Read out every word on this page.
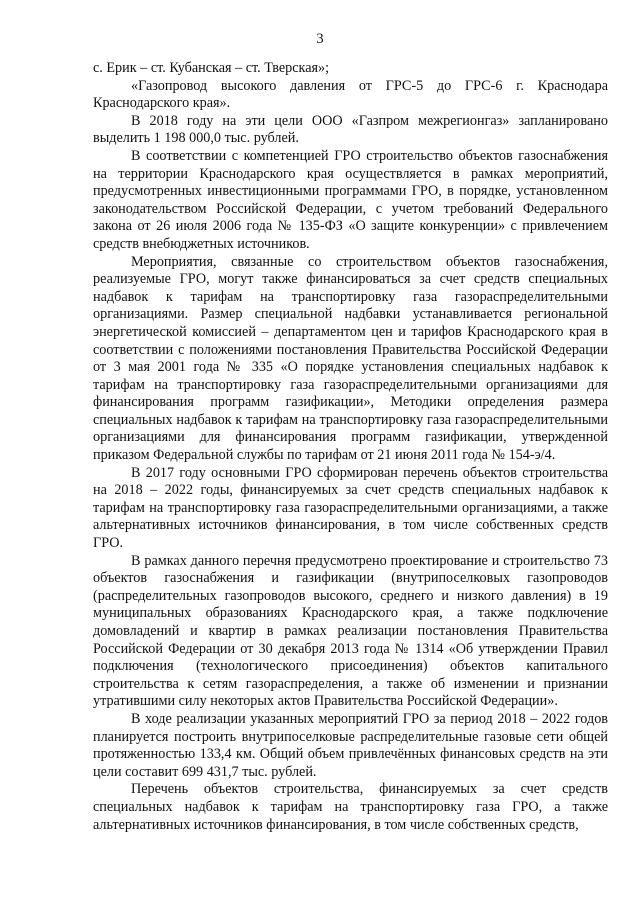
3

с. Ерик – ст. Кубанская – ст. Тверская»;

«Газопровод высокого давления от ГРС-5 до ГРС-6 г. Краснодара Краснодарского края».

В 2018 году на эти цели ООО «Газпром межрегионгаз» запланировано выделить 1 198 000,0 тыс. рублей.

В соответствии с компетенцией ГРО строительство объектов газоснабжения на территории Краснодарского края осуществляется в рамках мероприятий, предусмотренных инвестиционными программами ГРО, в порядке, установленном законодательством Российской Федерации, с учетом требований Федерального закона от 26 июля 2006 года № 135-ФЗ «О защите конкуренции» с привлечением средств внебюджетных источников.

Мероприятия, связанные со строительством объектов газоснабжения, реализуемые ГРО, могут также финансироваться за счет средств специальных надбавок к тарифам на транспортировку газа газораспределительными организациями. Размер специальной надбавки устанавливается региональной энергетической комиссией – департаментом цен и тарифов Краснодарского края в соответствии с положениями постановления Правительства Российской Федерации от 3 мая 2001 года № 335 «О порядке установления специальных надбавок к тарифам на транспортировку газа газораспределительными организациями для финансирования программ газификации», Методики определения размера специальных надбавок к тарифам на транспортировку газа газораспределительными организациями для финансирования программ газификации, утвержденной приказом Федеральной службы по тарифам от 21 июня 2011 года № 154-э/4.

В 2017 году основными ГРО сформирован перечень объектов строительства на 2018 – 2022 годы, финансируемых за счет средств специальных надбавок к тарифам на транспортировку газа газораспределительными организациями, а также альтернативных источников финансирования, в том числе собственных средств ГРО.

В рамках данного перечня предусмотрено проектирование и строительство 73 объектов газоснабжения и газификации (внутрипоселковых газопроводов (распределительных газопроводов высокого, среднего и низкого давления) в 19 муниципальных образованиях Краснодарского края, а также подключение домовладений и квартир в рамках реализации постановления Правительства Российской Федерации от 30 декабря 2013 года № 1314 «Об утверждении Правил подключения (технологического присоединения) объектов капитального строительства к сетям газораспределения, а также об изменении и признании утратившими силу некоторых актов Правительства Российской Федерации».

В ходе реализации указанных мероприятий ГРО за период 2018 – 2022 годов планируется построить внутрипоселковые распределительные газовые сети общей протяженностью 133,4 км. Общий объем привлечённых финансовых средств на эти цели составит 699 431,7 тыс. рублей.

Перечень объектов строительства, финансируемых за счет средств специальных надбавок к тарифам на транспортировку газа ГРО, а также альтернативных источников финансирования, в том числе собственных средств,
